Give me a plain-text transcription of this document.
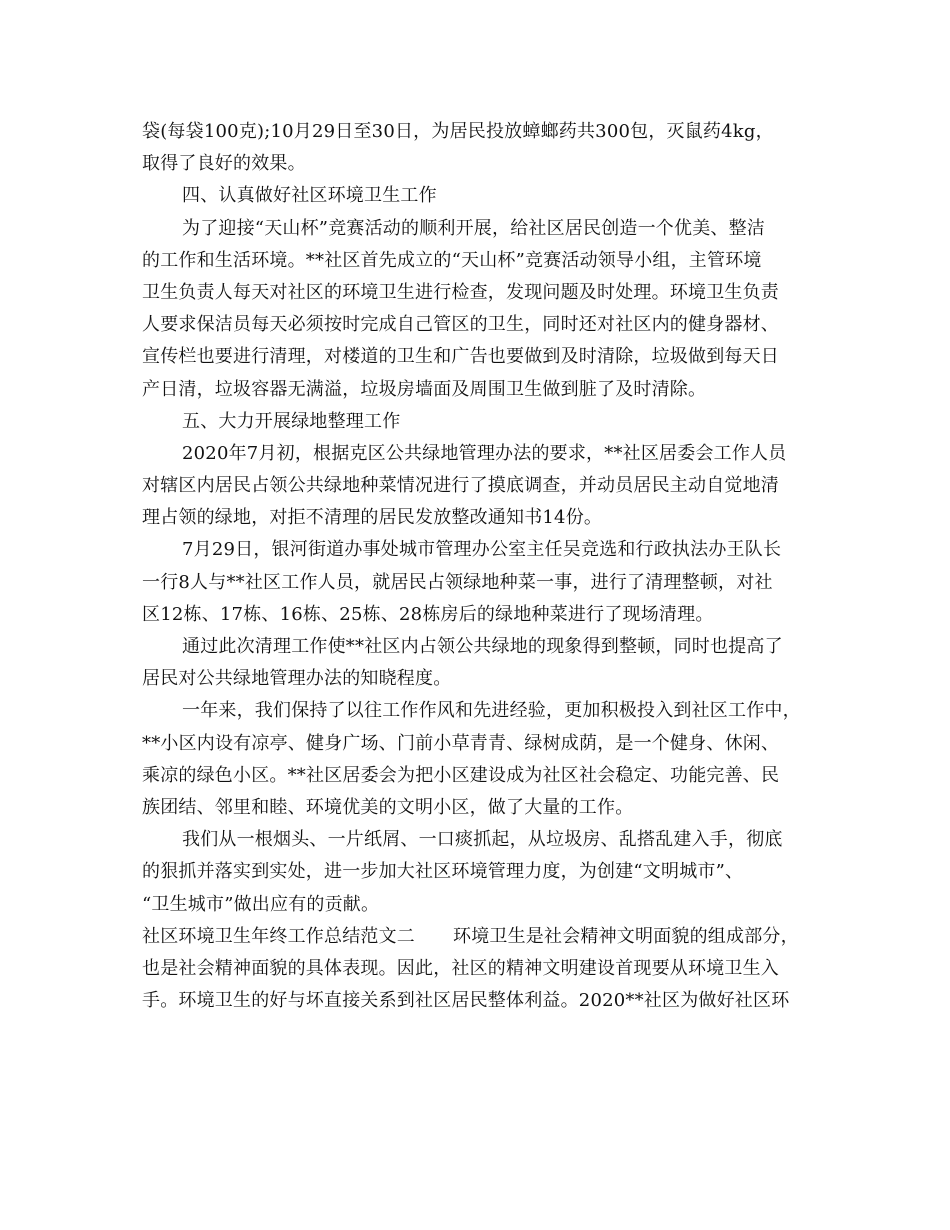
袋(每袋100克);10月29日至30日，为居民投放蟑螂药共300包，灭鼠药4kg，
取得了良好的效果。
四、认真做好社区环境卫生工作
为了迎接“天山杯”竞赛活动的顺利开展，给社区居民创造一个优美、整洁
的工作和生活环境。**社区首先成立的“天山杯”竞赛活动领导小组，主管环境
卫生负责人每天对社区的环境卫生进行检查，发现问题及时处理。环境卫生负责
人要求保洁员每天必须按时完成自己管区的卫生，同时还对社区内的健身器材、
宣传栏也要进行清理，对楼道的卫生和广告也要做到及时清除，垃圾做到每天日
产日清，垃圾容器无满溢，垃圾房墙面及周围卫生做到脏了及时清除。
五、大力开展绿地整理工作
2020年7月初，根据克区公共绿地管理办法的要求，**社区居委会工作人员
对辖区内居民占领公共绿地种菜情况进行了摸底调查，并动员居民主动自觉地清
理占领的绿地，对拒不清理的居民发放整改通知书14份。
7月29日，银河街道办事处城市管理办公室主任吴竞选和行政执法办王队长
一行8人与**社区工作人员，就居民占领绿地种菜一事，进行了清理整顿，对社
区12栋、17栋、16栋、25栋、28栋房后的绿地种菜进行了现场清理。
通过此次清理工作使**社区内占领公共绿地的现象得到整顿，同时也提高了
居民对公共绿地管理办法的知晓程度。
一年来，我们保持了以往工作作风和先进经验，更加积极投入到社区工作中，
**小区内设有凉亭、健身广场、门前小草青青、绿树成荫，是一个健身、休闲、
乘凉的绿色小区。**社区居委会为把小区建设成为社区社会稳定、功能完善、民
族团结、邻里和睦、环境优美的文明小区，做了大量的工作。
我们从一根烟头、一片纸屑、一口痰抓起，从垃圾房、乱搭乱建入手，彻底
的狠抓并落实到实处，进一步加大社区环境管理力度，为创建“文明城市”、
“卫生城市”做出应有的贡献。
社区环境卫生年终工作总结范文二 环境卫生是社会精神文明面貌的组成部分，
也是社会精神面貌的具体表现。因此，社区的精神文明建设首现要从环境卫生入
手。环境卫生的好与坏直接关系到社区居民整体利益。2020**社区为做好社区环
